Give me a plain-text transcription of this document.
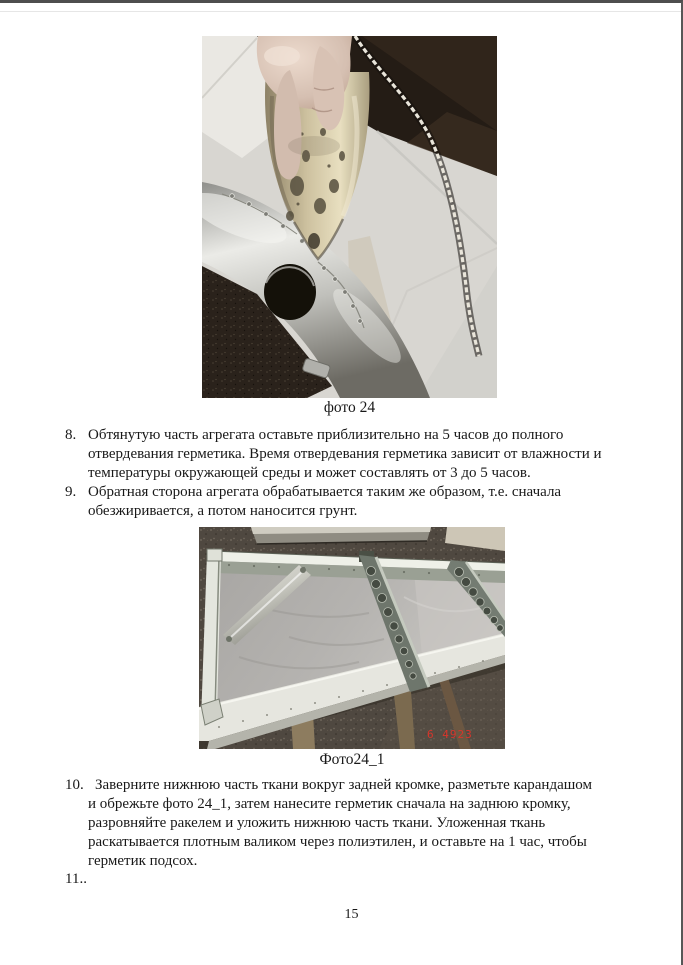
фото 24
8. Обтянутую часть агрегата оставьте приблизительно на 5 часов до полного
отвердевания герметика. Время отвердевания герметика зависит от влажности и
температуры окружающей среды и может составлять от 3 до 5 часов.
9. Обратная сторона агрегата обрабатывается таким же образом, т.е. сначала
обезжиривается, а потом наносится грунт.
6 4923
Фото24_1
10. Заверните нижнюю часть ткани вокруг задней кромке, разметьте карандашом
и обрежьте фото 24_1, затем нанесите герметик сначала на заднюю кромку,
разровняйте ракелем и уложить нижнюю часть ткани. Уложенная ткань
раскатывается плотным валиком через полиэтилен, и оставьте на 1 час, чтобы
герметик подсох.
11..
15
